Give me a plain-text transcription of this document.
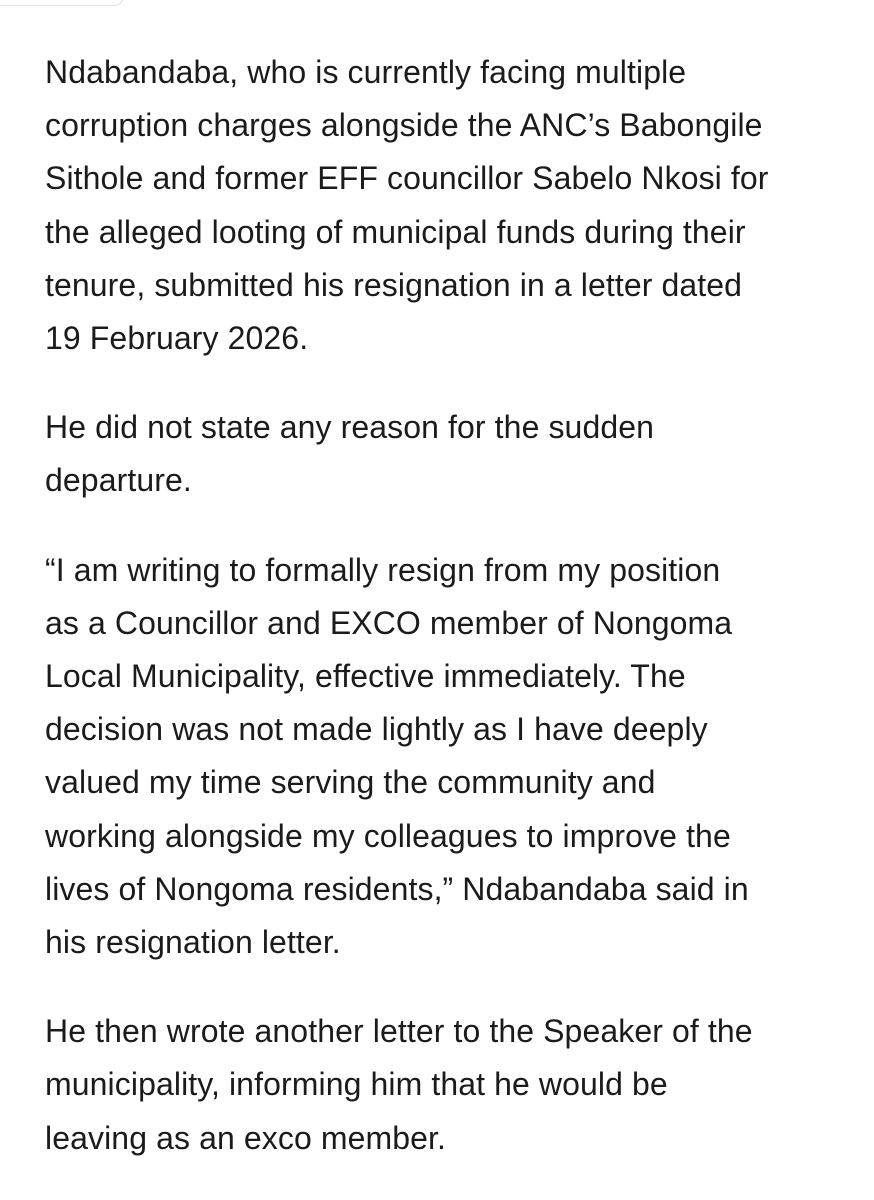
Ndabandaba, who is currently facing multiple
corruption charges alongside the ANC’s Babongile
Sithole and former EFF councillor Sabelo Nkosi for
the alleged looting of municipal funds during their
tenure, submitted his resignation in a letter dated
19 February 2026.

He did not state any reason for the sudden
departure.

“I am writing to formally resign from my position
as a Councillor and EXCO member of Nongoma
Local Municipality, effective immediately. The
decision was not made lightly as I have deeply
valued my time serving the community and
working alongside my colleagues to improve the
lives of Nongoma residents,” Ndabandaba said in
his resignation letter.

He then wrote another letter to the Speaker of the
municipality, informing him that he would be
leaving as an exco member.
